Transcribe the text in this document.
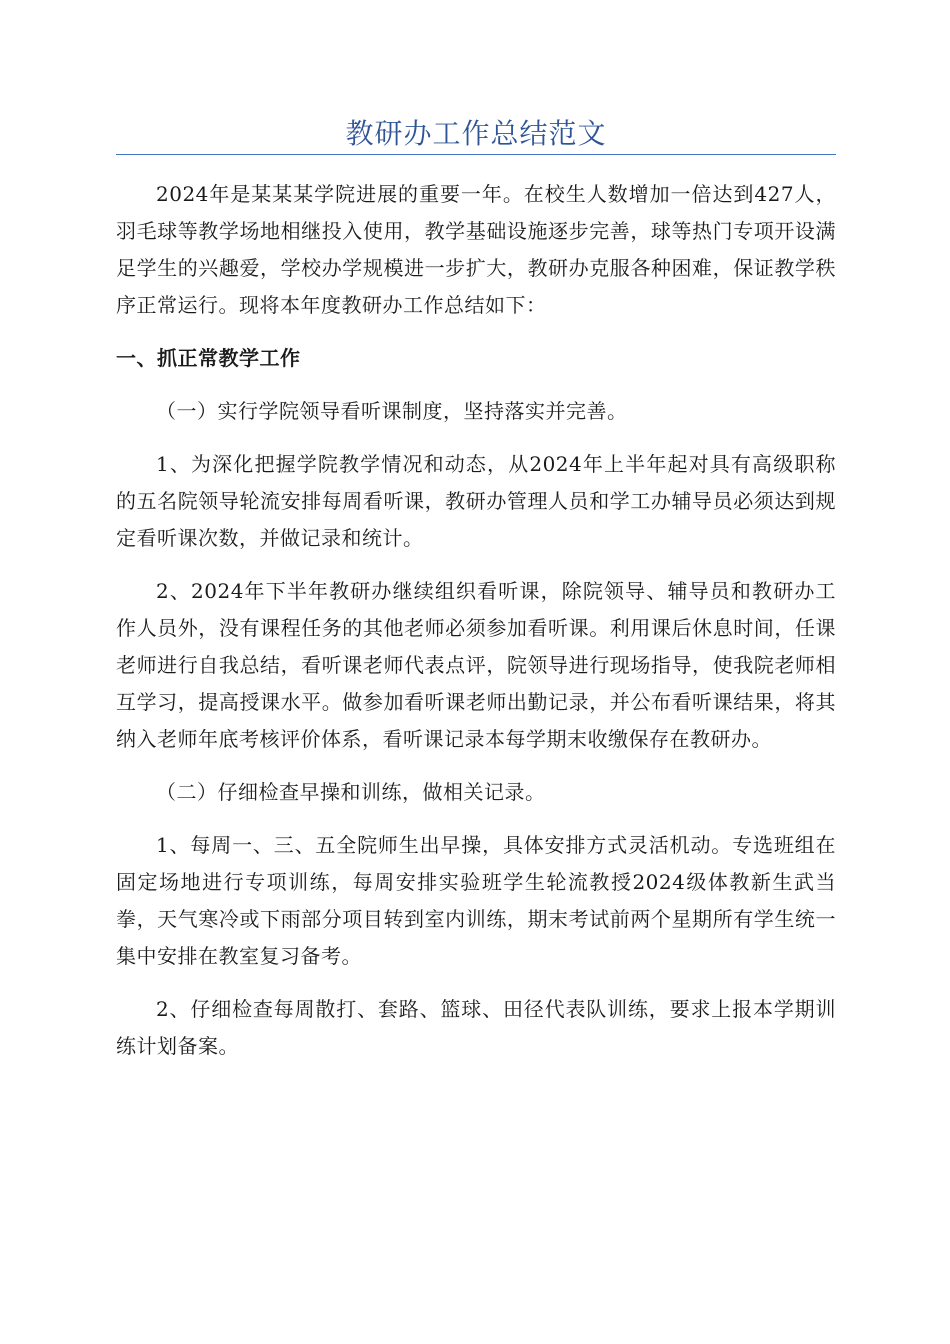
教研办工作总结范文

2024年是某某某学院进展的重要一年。在校生人数增加一倍达到427人，羽毛球等教学场地相继投入使用，教学基础设施逐步完善，球等热门专项开设满足学生的兴趣爱，学校办学规模进一步扩大，教研办克服各种困难，保证教学秩序正常运行。现将本年度教研办工作总结如下：

一、抓正常教学工作

（一）实行学院领导看听课制度，坚持落实并完善。

1、为深化把握学院教学情况和动态，从2024年上半年起对具有高级职称的五名院领导轮流安排每周看听课，教研办管理人员和学工办辅导员必须达到规定看听课次数，并做记录和统计。

2、2024年下半年教研办继续组织看听课，除院领导、辅导员和教研办工作人员外，没有课程任务的其他老师必须参加看听课。利用课后休息时间，任课老师进行自我总结，看听课老师代表点评，院领导进行现场指导，使我院老师相互学习，提高授课水平。做参加看听课老师出勤记录，并公布看听课结果，将其纳入老师年底考核评价体系，看听课记录本每学期末收缴保存在教研办。

（二）仔细检查早操和训练，做相关记录。

1、每周一、三、五全院师生出早操，具体安排方式灵活机动。专选班组在固定场地进行专项训练，每周安排实验班学生轮流教授2024级体教新生武当拳，天气寒冷或下雨部分项目转到室内训练，期末考试前两个星期所有学生统一集中安排在教室复习备考。

2、仔细检查每周散打、套路、篮球、田径代表队训练，要求上报本学期训练计划备案。
